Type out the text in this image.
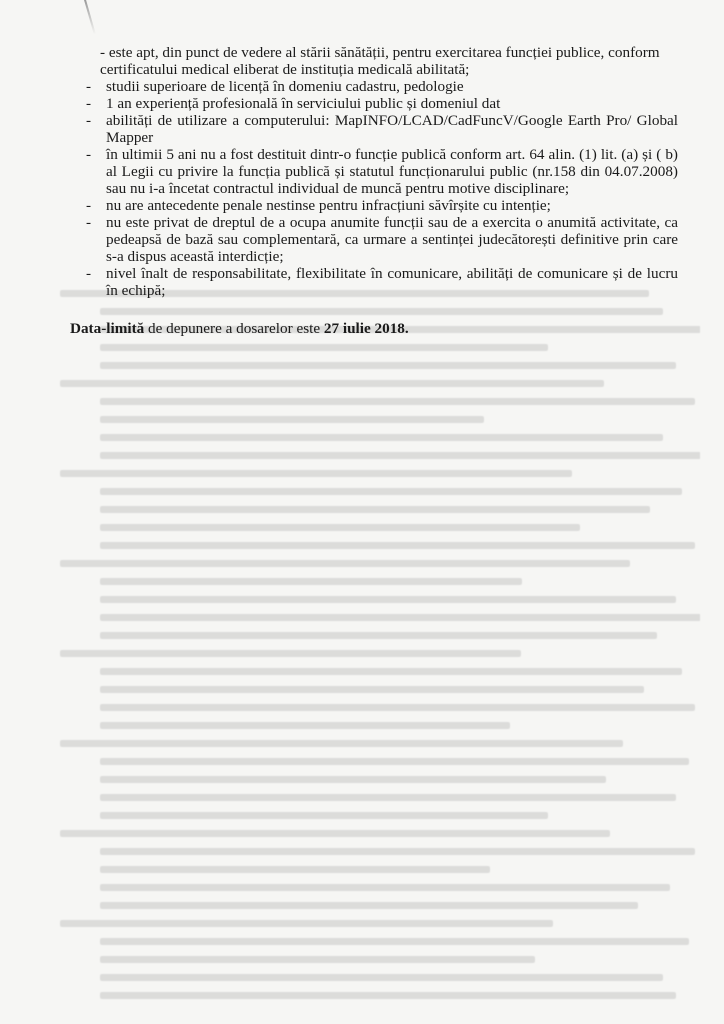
- este apt, din punct de vedere al stării sănătății, pentru exercitarea funcției publice, conform
certificatului medical eliberat de instituția medicală abilitată;
- studii superioare de licență în domeniu cadastru, pedologie
- 1 an experiență profesională în serviciului public și domeniul dat
- abilități de utilizare a computerului: MapINFO/LCAD/CadFuncV/Google Earth Pro/ Global Mapper
- în ultimii 5 ani nu a fost destituit dintr-o funcție publică conform art. 64 alin. (1) lit. (a) și ( b) al Legii cu privire la funcția publică și statutul funcționarului public (nr.158 din 04.07.2008) sau nu i-a încetat contractul individual de muncă pentru motive disciplinare;
- nu are antecedente penale nestinse pentru infracțiuni săvîrșite cu intenție;
- nu este privat de dreptul de a ocupa anumite funcții sau de a exercita o anumită activitate, ca pedeapsă de bază sau complementară, ca urmare a sentinței judecătorești definitive prin care s-a dispus această interdicție;
- nivel înalt de responsabilitate, flexibilitate în comunicare, abilități de comunicare și de lucru în echipă;
Data-limită de depunere a dosarelor este 27 iulie 2018.
